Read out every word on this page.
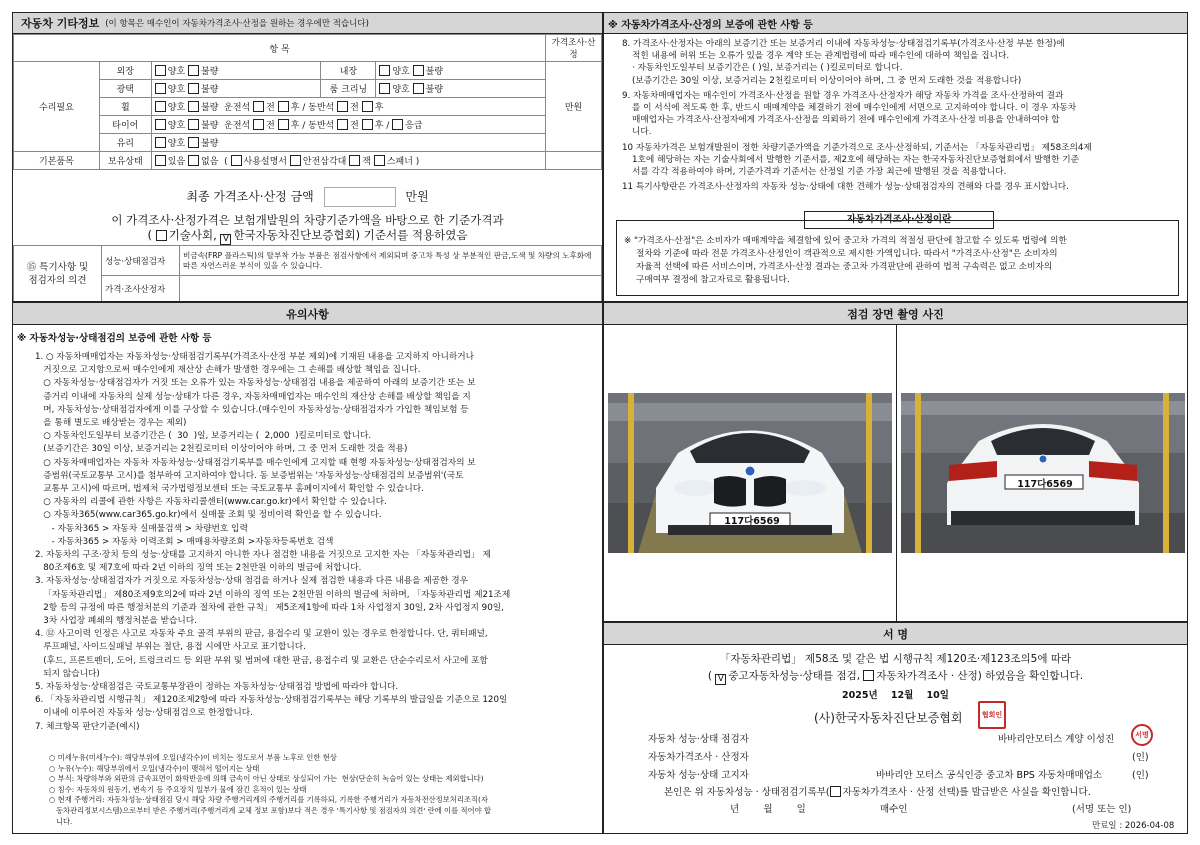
자동차 기타정보 (이 항목은 매수인이 자동차가격조사·산정을 원하는 경우에만 적습니다)
항 목					가격조사·산정
수리필요	외장	양호 불량	내장	양호 불량	만원
	광택	양호 불량	룸 크리닝	양호 불량	
	휠	양호 불량 운전석 전 후 / 동반석 전 후			
	타이어	양호 불량 운전석 전 후 / 동반석 전 후 / 응급			
	유리	양호 불량			
기본품목	보유상태	있음 없음  ( 사용설명서 안전삼각대 잭 스패너 )			
최종 가격조사·산정 금액	만원
이 가격조사·산정가격은 보험개발원의 차량기준가액을 바탕으로 한 기준가격과
( 기술사회, V 한국자동차진단보증협회) 기준서를 적용하였음
⑮ 특기사항 및
점검자의 의견	성능·상태점검자	비금속(FRP 플라스틱)의 탈부착 가능 부품은 점검사항에서 제외되며 중고차 특성 상 부분적인 판금,도색 및 차량의 노후화에 따른 자연스러운 부식이 있을 수 있습니다.
	가격·조사산정자	
※ 자동차가격조사·산정의 보증에 관한 사항 등
8. 가격조사·산정자는 아래의 보증기간 또는 보증거리 이내에 자동차성능·상태점검기록부(가격조사·산정 부분 한정)에
적힌 내용에 허위 또는 오류가 있을 경우 계약 또는 관계법령에 따라 매수인에 대하여 책임을 집니다.
· 자동차인도일부터 보증기간은 ( )일, 보증거리는 ( )킬로미터로 합니다.
(보증기간은 30일 이상, 보증거리는 2천킬로미터 이상이어야 하며, 그 중 먼저 도래한 것을 적용합니다)
9. 자동차매매업자는 매수인이 가격조사·산정을 원할 경우 가격조사·산정자가 해당 자동차 가격을 조사·산정하여 결과
를 이 서식에 적도록 한 후, 반드시 매매계약을 체결하기 전에 매수인에게 서면으로 고지하여야 합니다. 이 경우 자동차
매매업자는 가격조사·산정자에게 가격조사·산정을 의뢰하기 전에 매수인에게 가격조사·산정 비용을 안내하여야 합
니다.
10 자동차가격은 보험개발원이 정한 차량기준가액을 기준가격으로 조사·산정하되, 기준서는 「자동차관리법」 제58조의4제
1호에 해당하는 자는 기술사회에서 발행한 기준서를, 제2호에 해당하는 자는 한국자동차진단보증협회에서 발행한 기준
서를 각각 적용하여야 하며, 기준가격과 기준서는 산정일 기준 가장 최근에 발행된 것을 적용합니다.
11 특기사항란은 가격조사·산정자의 자동차 성능·상태에 대한 견해가 성능·상태점검자의 견해와 다를 경우 표시합니다.
자동차가격조사·산정이란
※ "가격조사·산정"은 소비자가 매매계약을 체결함에 있어 중고차 가격의 적절성 판단에 참고할 수 있도록 법령에 의한
절차와 기준에 따라 전문 가격조사·산정인이 객관적으로 제시한 가액입니다. 따라서 "가격조사·산정"은 소비자의
자율적 선택에 따른 서비스이며, 가격조사·산정 결과는 중고차 가격판단에 관하여 법적 구속력은 없고 소비자의
구매여부 결정에 참고자료로 활용됩니다.
유의사항
※ 자동차성능·상태점검의 보증에 관한 사항 등
1. ○ 자동차매매업자는 자동차성능·상태점검기록부(가격조사·산정 부분 제외)에 기재된 내용을 고지하지 아니하거나
거짓으로 고지함으로써 매수인에게 재산상 손해가 발생한 경우에는 그 손해를 배상할 책임을 집니다.
○ 자동차성능·상태점검자가 거짓 또는 오류가 있는 자동차성능·상태점검 내용을 제공하여 아래의 보증기간 또는 보
증거리 이내에 자동차의 실제 성능·상태가 다른 경우, 자동차매매업자는 매수인의 재산상 손해를 배상할 책임을 지
며, 자동차성능·상태점검자에게 이를 구상할 수 있습니다.(매수인이 자동차성능·상태점검자가 가입한 책임보험 등
을 통해 별도로 배상받는 경우는 제외)
○ 자동차인도일부터 보증기간은 (  30  )일, 보증거리는 (  2,000  )킬로미터로 합니다.
(보증기간은 30일 이상, 보증거리는 2천킬로미터 이상이어야 하며, 그 중 먼저 도래한 것을 적용)
○ 자동차매매업자는 자동차 자동차성능·상태점검기록부를 매수인에게 고지할 때 현행 자동차성능·상태점검자의 보
증범위(국토교통부 고시)를 첨부하여 고지하여야 합니다. 동 보증범위는 '자동차성능·상태점검의 보증범위'(국토
교통부 고시)에 따르며, 법제처 국가법령정보센터 또는 국토교통부 홈페이지에서 확인할 수 있습니다.
○ 자동차의 리콜에 관한 사항은 자동차리콜센터(www.car.go.kr)에서 확인할 수 있습니다.
○ 자동차365(www.car365.go.kr)에서 실매물 조회 및 정비이력 확인을 할 수 있습니다.
- 자동차365 > 자동차 실매물검색 > 차량번호 입력
- 자동차365 > 자동차 이력조회 > 매매용차량조회 >자동차등록번호 검색
2. 자동차의 구조·장치 등의 성능·상태를 고지하지 아니한 자나 점검한 내용을 거짓으로 고지한 자는 「자동차관리법」 제
80조제6호 및 제7호에 따라 2년 이하의 징역 또는 2천만원 이하의 벌금에 처합니다.
3. 자동차성능·상태점검자가 거짓으로 자동차성능·상태 점검을 하거나 실제 점검한 내용과 다른 내용을 제공한 경우
「자동차관리법」 제80조제9호의2에 따라 2년 이하의 징역 또는 2천만원 이하의 벌금에 처하며, 「자동차관리법 제21조제
2항 등의 규정에 따른 행정처분의 기준과 절차에 관한 규칙」 제5조제1항에 따라 1차 사업정지 30일, 2차 사업정지 90일,
3차 사업장 폐쇄의 행정처분을 받습니다.
4. ⑫ 사고이력 인정은 사고로 자동차 주요 골격 부위의 판금, 용접수리 및 교환이 있는 경우로 한정합니다. 단, 쿼터패널,
루프패널, 사이드실패널 부위는 절단, 용접 시에만 사고로 표기합니다.
(후드, 프론트펜더, 도어, 트렁크리드 등 외판 부위 및 범퍼에 대한 판금, 용접수리 및 교환은 단순수리로서 사고에 포함
되지 않습니다)
5. 자동차성능·상태점검은 국토교통부장관이 정하는 자동차성능·상태점검 방법에 따라야 합니다.
6. 「자동차관리법 시행규칙」 제120조제2항에 따라 자동차성능·상태점검기록부는 해당 기록부의 발급일을 기준으로 120일
이내에 이루어진 자동차 성능·상태점검으로 한정합니다.
7. 체크항목 판단기준(예시)
○ 미세누유(미세누수): 해당부위에 오일(냉각수)이 비치는 정도로서 부품 노후로 인한 현상
○ 누유(누수): 해당부위에서 오일(냉각수)이 맺혀서 떨어지는 상태
○ 부식: 차량하부와 외판의 금속표면이 화학반응에 의해 금속이 아닌 상태로 상실되어 가는  현상(단순히 녹슬어 있는 상태는 제외합니다)
○ 침수: 자동차의 원동기, 변속기 등 주요장치 일부가 물에 잠긴 흔적이 있는 상태
○ 현재 주행거리: 자동차성능·상태점검 당시 해당 차량 주행거리계의 주행거리를 기록하되, 기록한 주행거리가 자동차전산정보처리조직(자
동차관리정보시스템)으로부터 받은 주행거리(주행거리계 교체 정보 포함)보다 적은 경우 '특기사항 및 점검자의 의견' 란에 이를 적어야 합
니다.
점검 장면 촬영 사진
117다6569
117다6569
서 명
「자동차관리법」 제58조 및 같은 법 시행규칙 제120조·제123조의5에 따라
( V 중고자동차성능·상태를 점검, 자동차가격조사 · 산정) 하였음을 확인합니다.
2025년 12월 10일
(사)한국자동차진단보증협회	협회인
자동차 성능·상태 점검자	바바리안모터스 계양 이성진	서명
자동차가격조사 · 산정자	(인)
자동차 성능·상태 고지자	바바리안 모터스 공식인증 중고차 BPS 자동차매매업소	(인)
본인은 위 자동차성능 · 상태점검기록부( 자동차가격조사 · 산정 선택)를 발급받은 사실을 확인합니다.
년        월        일	매수인	(서명 또는 인)
만료일 : 2026-04-08
